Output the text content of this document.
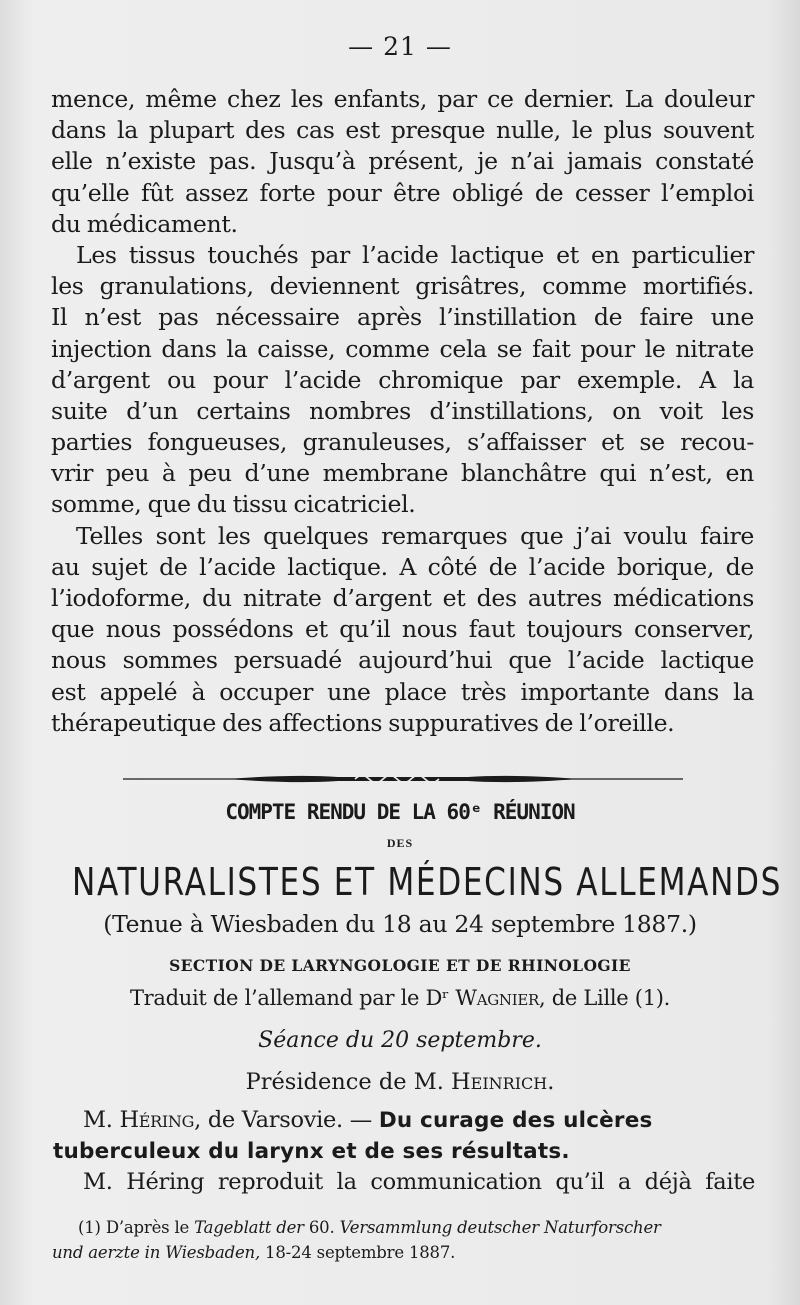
— 21 —
mence, même chez les enfants, par ce dernier. La douleur
dans la plupart des cas est presque nulle, le plus souvent
elle n’existe pas. Jusqu’à présent, je n’ai jamais constaté
qu’elle fût assez forte pour être obligé de cesser l’emploi
du médicament.
Les tissus touchés par l’acide lactique et en particulier
les granulations, deviennent grisâtres, comme mortifiés.
Il n’est pas nécessaire après l’instillation de faire une
injection dans la caisse, comme cela se fait pour le nitrate
d’argent ou pour l’acide chromique par exemple. A la
suite d’un certains nombres d’instillations, on voit les
parties fongueuses, granuleuses, s’affaisser et se recou-
vrir peu à peu d’une membrane blanchâtre qui n’est, en
somme, que du tissu cicatriciel.
Telles sont les quelques remarques que j’ai voulu faire
au sujet de l’acide lactique. A côté de l’acide borique, de
l’iodoforme, du nitrate d’argent et des autres médications
que nous possédons et qu’il nous faut toujours conserver,
nous sommes persuadé aujourd’hui que l’acide lactique
est appelé à occuper une place très importante dans la
thérapeutique des affections suppuratives de l’oreille.
COMPTE RENDU DE LA 60ᵉ RÉUNION
DES
NATURALISTES ET MÉDECINS ALLEMANDS
(Tenue à Wiesbaden du 18 au 24 septembre 1887.)
SECTION DE LARYNGOLOGIE ET DE RHINOLOGIE
Traduit de l’allemand par le Dʳ Wagnier, de Lille (1).
Séance du 20 septembre.
Présidence de M. Heinrich.
M. Héring, de Varsovie. — Du curage des ulcères
tuberculeux du larynx et de ses résultats.
M. Héring reproduit la communication qu’il a déjà faite
(1) D’après le Tageblatt der 60. Versammlung deutscher Naturforscher
und aerzte in Wiesbaden, 18-24 septembre 1887.
